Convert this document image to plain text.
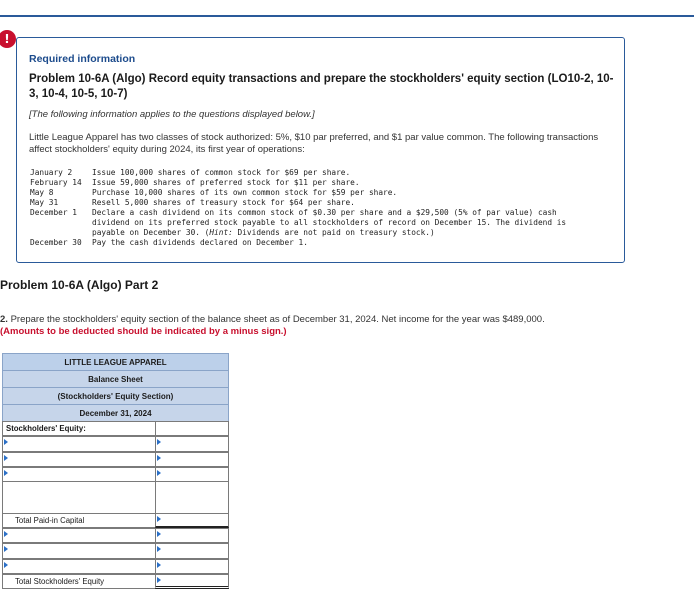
!
Required information
Problem 10-6A (Algo) Record equity transactions and prepare the stockholders' equity section (LO10-2, 10-3, 10-4, 10-5, 10-7)
[The following information applies to the questions displayed below.]
Little League Apparel has two classes of stock authorized: 5%, $10 par preferred, and $1 par value common. The following transactions affect stockholders' equity during 2024, its first year of operations:
January 2	Issue 100,000 shares of common stock for $69 per share.
February 14	Issue 59,000 shares of preferred stock for $11 per share.
May 8	Purchase 10,000 shares of its own common stock for $59 per share.
May 31	Resell 5,000 shares of treasury stock for $64 per share.
December 1	Declare a cash dividend on its common stock of $0.30 per share and a $29,500 (5% of par value) cash dividend on its preferred stock payable to all stockholders of record on December 15. The dividend is payable on December 30. (Hint: Dividends are not paid on treasury stock.)
December 30	Pay the cash dividends declared on December 1.
Problem 10-6A (Algo) Part 2
2. Prepare the stockholders' equity section of the balance sheet as of December 31, 2024. Net income for the year was $489,000.
(Amounts to be deducted should be indicated by a minus sign.)
LITTLE LEAGUE APPAREL
Balance Sheet
(Stockholders' Equity Section)
December 31, 2024
Stockholders' Equity:
Total Paid-in Capital
Total Stockholders' Equity
